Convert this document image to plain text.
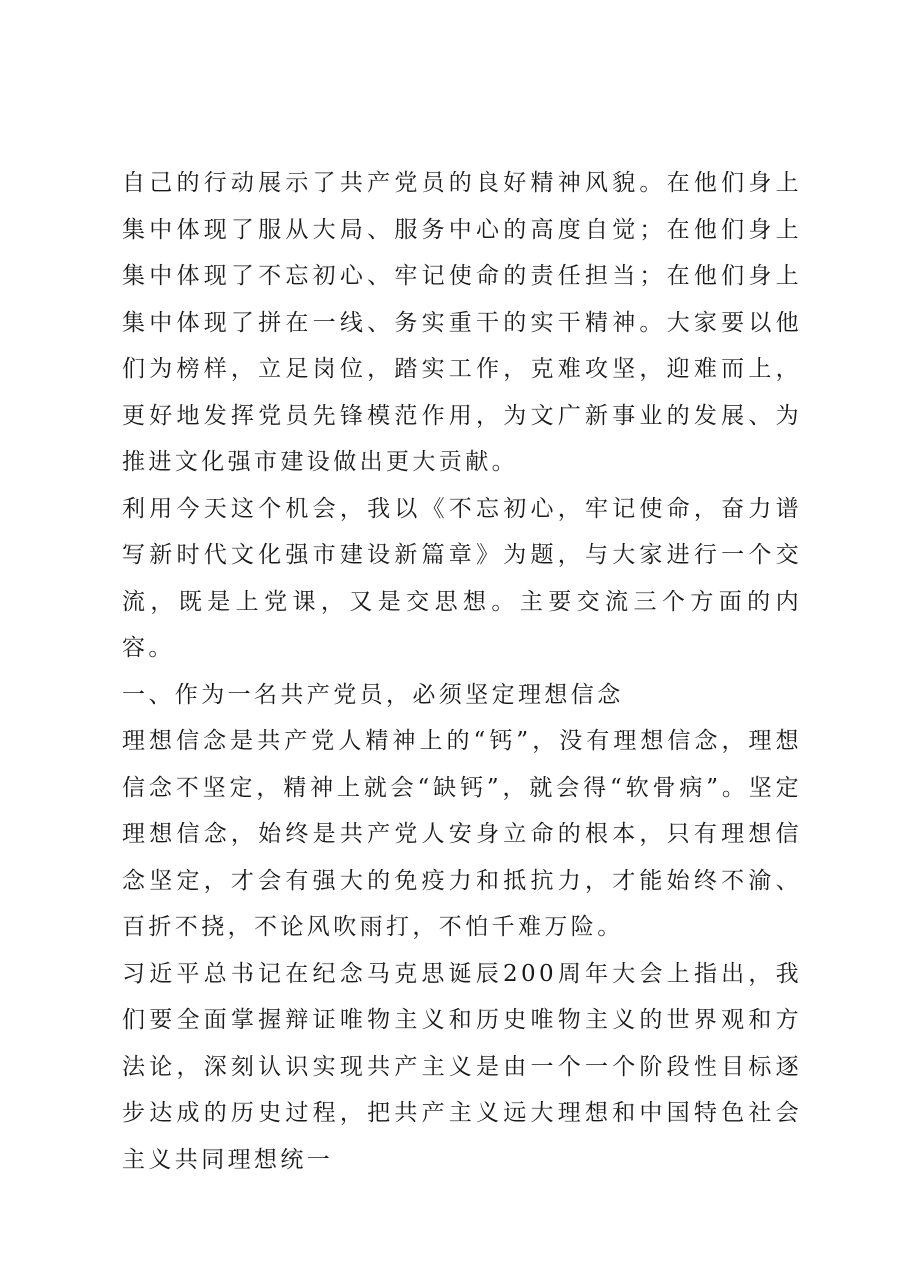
自己的行动展示了共产党员的良好精神风貌。在他们身上集中体现了服从大局、服务中心的高度自觉；在他们身上集中体现了不忘初心、牢记使命的责任担当；在他们身上集中体现了拼在一线、务实重干的实干精神。大家要以他们为榜样，立足岗位，踏实工作，克难攻坚，迎难而上，更好地发挥党员先锋模范作用，为文广新事业的发展、为推进文化强市建设做出更大贡献。

利用今天这个机会，我以《不忘初心，牢记使命，奋力谱写新时代文化强市建设新篇章》为题，与大家进行一个交流，既是上党课，又是交思想。主要交流三个方面的内容。

一、作为一名共产党员，必须坚定理想信念

理想信念是共产党人精神上的“钙”，没有理想信念，理想信念不坚定，精神上就会“缺钙”，就会得“软骨病”。坚定理想信念，始终是共产党人安身立命的根本，只有理想信念坚定，才会有强大的免疫力和抵抗力，才能始终不渝、百折不挠，不论风吹雨打，不怕千难万险。

习近平总书记在纪念马克思诞辰200周年大会上指出，我们要全面掌握辩证唯物主义和历史唯物主义的世界观和方法论，深刻认识实现共产主义是由一个一个阶段性目标逐步达成的历史过程，把共产主义远大理想和中国特色社会主义共同理想统一
